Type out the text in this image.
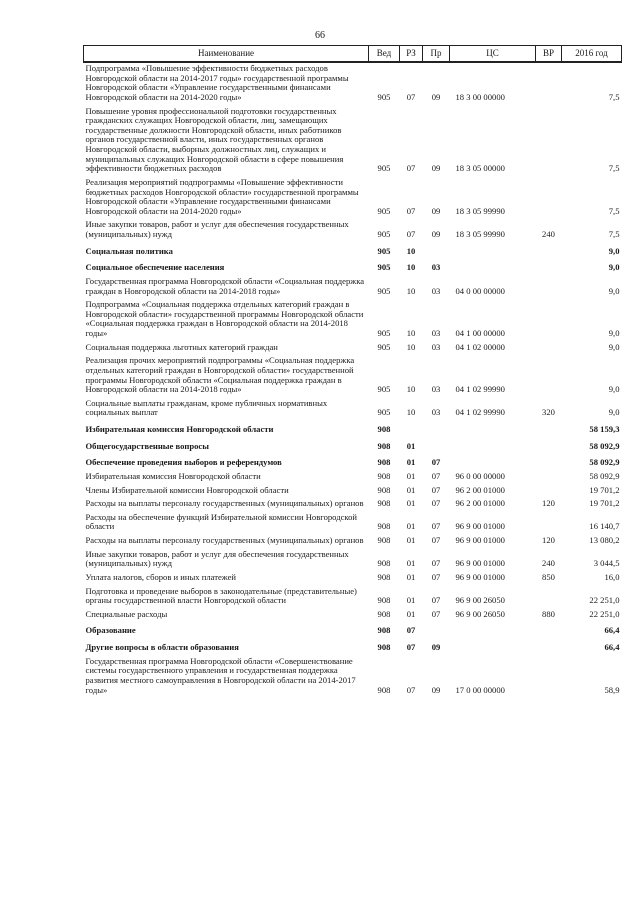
66
Наименование	Вед	РЗ	Пр	ЦС	ВР	2016 год
Подпрограмма «Повышение эффективности бюджетных расходов Новгородской области на 2014-2017 годы» государственной программы Новгородской области «Управление государственными финансами Новгородской области на 2014-2020 годы»	905	07	09	18 3 00 00000		7,5
Повышение уровня профессиональной подготовки государственных гражданских служащих Новгородской области, лиц, замещающих государственные должности Новгородской области, иных работников органов государственной власти, иных государственных органов Новгородской области, выборных должностных лиц, служащих и муниципальных служащих Новгородской области в сфере повышения эффективности бюджетных расходов	905	07	09	18 3 05 00000		7,5
Реализация мероприятий подпрограммы «Повышение эффективности бюджетных расходов Новгородской области» государственной программы Новгородской области «Управление государственными финансами Новгородской области на 2014-2020 годы»	905	07	09	18 3 05 99990		7,5
Иные закупки товаров, работ и услуг для обеспечения государственных (муниципальных) нужд	905	07	09	18 3 05 99990	240	7,5
Социальная политика	905	10				9,0
Социальное обеспечение населения	905	10	03			9,0
Государственная программа Новгородской области «Социальная поддержка граждан в Новгородской области на 2014-2018 годы»	905	10	03	04 0 00 00000		9,0
Подпрограмма «Социальная поддержка отдельных категорий граждан в Новгородской области» государственной программы Новгородской области «Социальная поддержка граждан в Новгородской области на 2014-2018 годы»	905	10	03	04 1 00 00000		9,0
Социальная поддержка льготных категорий граждан	905	10	03	04 1 02 00000		9,0
Реализация прочих мероприятий подпрограммы «Социальная поддержка отдельных категорий граждан в Новгородской области» государственной программы Новгородской области «Социальная поддержка граждан в Новгородской области на 2014-2018 годы»	905	10	03	04 1 02 99990		9,0
Социальные выплаты гражданам, кроме публичных нормативных социальных выплат	905	10	03	04 1 02 99990	320	9,0
Избирательная комиссия Новгородской области	908					58 159,3
Общегосударственные вопросы	908	01				58 092,9
Обеспечение проведения выборов и референдумов	908	01	07			58 092,9
Избирательная комиссия Новгородской области	908	01	07	96 0 00 00000		58 092,9
Члены Избирательной комиссии Новгородской области	908	01	07	96 2 00 01000		19 701,2
Расходы на выплаты персоналу государственных (муниципальных) органов	908	01	07	96 2 00 01000	120	19 701,2
Расходы на обеспечение функций Избирательной комиссии Новгородской области	908	01	07	96 9 00 01000		16 140,7
Расходы на выплаты персоналу государственных (муниципальных) органов	908	01	07	96 9 00 01000	120	13 080,2
Иные закупки товаров, работ и услуг для обеспечения государственных (муниципальных) нужд	908	01	07	96 9 00 01000	240	3 044,5
Уплата налогов, сборов и иных платежей	908	01	07	96 9 00 01000	850	16,0
Подготовка и проведение выборов в законодательные (представительные) органы государственной власти Новгородской области	908	01	07	96 9 00 26050		22 251,0
Специальные расходы	908	01	07	96 9 00 26050	880	22 251,0
Образование	908	07				66,4
Другие вопросы в области образования	908	07	09			66,4
Государственная программа Новгородской области «Совершенствование системы государственного управления и государственная поддержка развития местного самоуправления в Новгородской области на 2014-2017 годы»	908	07	09	17 0 00 00000		58,9
